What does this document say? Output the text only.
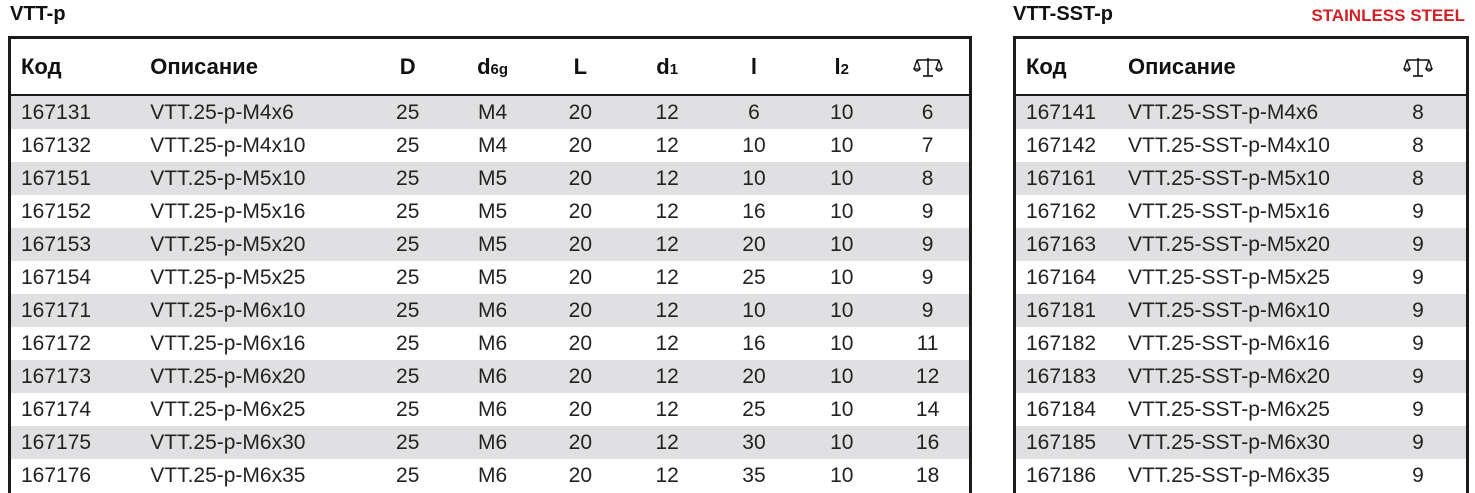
VTT-p	VTT-SST-p	STAINLESS STEEL
Код	Описание	D	d6g	L	d1	l	l2
167131	VTT.25-p-M4x6	25	M4	20	12	6	10	6
167132	VTT.25-p-M4x10	25	M4	20	12	10	10	7
167151	VTT.25-p-M5x10	25	M5	20	12	10	10	8
167152	VTT.25-p-M5x16	25	M5	20	12	16	10	9
167153	VTT.25-p-M5x20	25	M5	20	12	20	10	9
167154	VTT.25-p-M5x25	25	M5	20	12	25	10	9
167171	VTT.25-p-M6x10	25	M6	20	12	10	10	9
167172	VTT.25-p-M6x16	25	M6	20	12	16	10	11
167173	VTT.25-p-M6x20	25	M6	20	12	20	10	12
167174	VTT.25-p-M6x25	25	M6	20	12	25	10	14
167175	VTT.25-p-M6x30	25	M6	20	12	30	10	16
167176	VTT.25-p-M6x35	25	M6	20	12	35	10	18
Код	Описание
167141	VTT.25-SST-p-M4x6	8
167142	VTT.25-SST-p-M4x10	8
167161	VTT.25-SST-p-M5x10	8
167162	VTT.25-SST-p-M5x16	9
167163	VTT.25-SST-p-M5x20	9
167164	VTT.25-SST-p-M5x25	9
167181	VTT.25-SST-p-M6x10	9
167182	VTT.25-SST-p-M6x16	9
167183	VTT.25-SST-p-M6x20	9
167184	VTT.25-SST-p-M6x25	9
167185	VTT.25-SST-p-M6x30	9
167186	VTT.25-SST-p-M6x35	9
